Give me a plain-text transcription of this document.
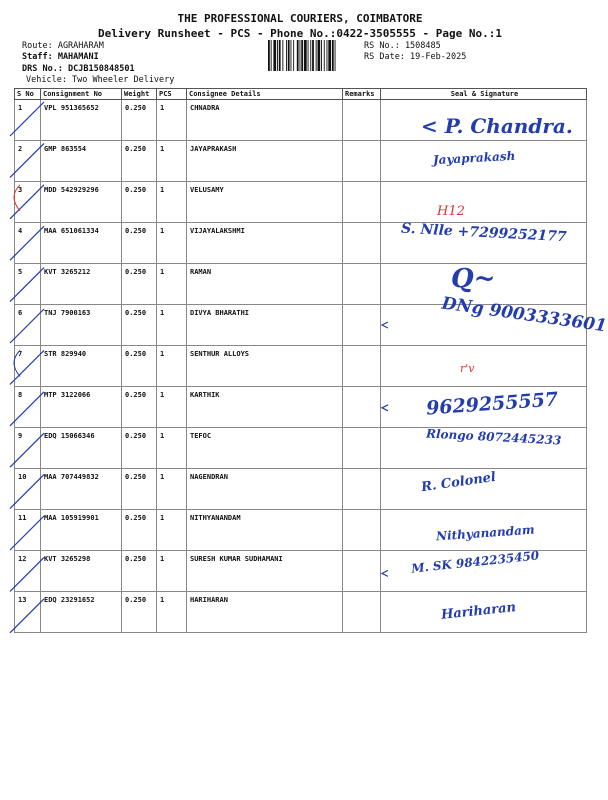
THE PROFESSIONAL COURIERS, COIMBATORE
Delivery Runsheet - PCS - Phone No.:0422-3505555 - Page No.:1
Route: AGRAHARAM
Staff: MAHAMANI
DRS No.: DCJB150848501
Vehicle: Two Wheeler Delivery
RS No.: 1508485
RS Date: 19-Feb-2025
S No	Consignment No	Weight	PCS	Consignee Details	Remarks	Seal & Signature
1	VPL 951365652	0.250	1	CHNADRA		< P. Chandra.

2	GMP 863554	0.250	1	JAYAPRAKASH		Jayaprakash

3	MDD 542929296	0.250	1	VELUSAMY		
4	MAA 651061334	0.250	1	VIJAYALAKSHMI		S. Nlle +7299252177

5	KVT 3265212	0.250	1	RAMAN		Q~

6	TNJ 7900163	0.250	1	DIVYA BHARATHI		DNg 9003333601

7	STR 829940	0.250	1	SENTHUR ALLOYS		
8	MTP 3122066	0.250	1	KARTHIK		9629255557

9	EDQ 15066346	0.250	1	TEFOC		Rlongo 8072445233

10	MAA 707449832	0.250	1	NAGENDRAN		R. Colonel

11	MAA 105919901	0.250	1	NITHYANANDAM		Nithyanandam

12	KVT 3265298	0.250	1	SURESH KUMAR SUDHAMANI		M. SK 9842235450

13	EDQ 23291652	0.250	1	HARIHARAN		Hariharan
H12
r'v
